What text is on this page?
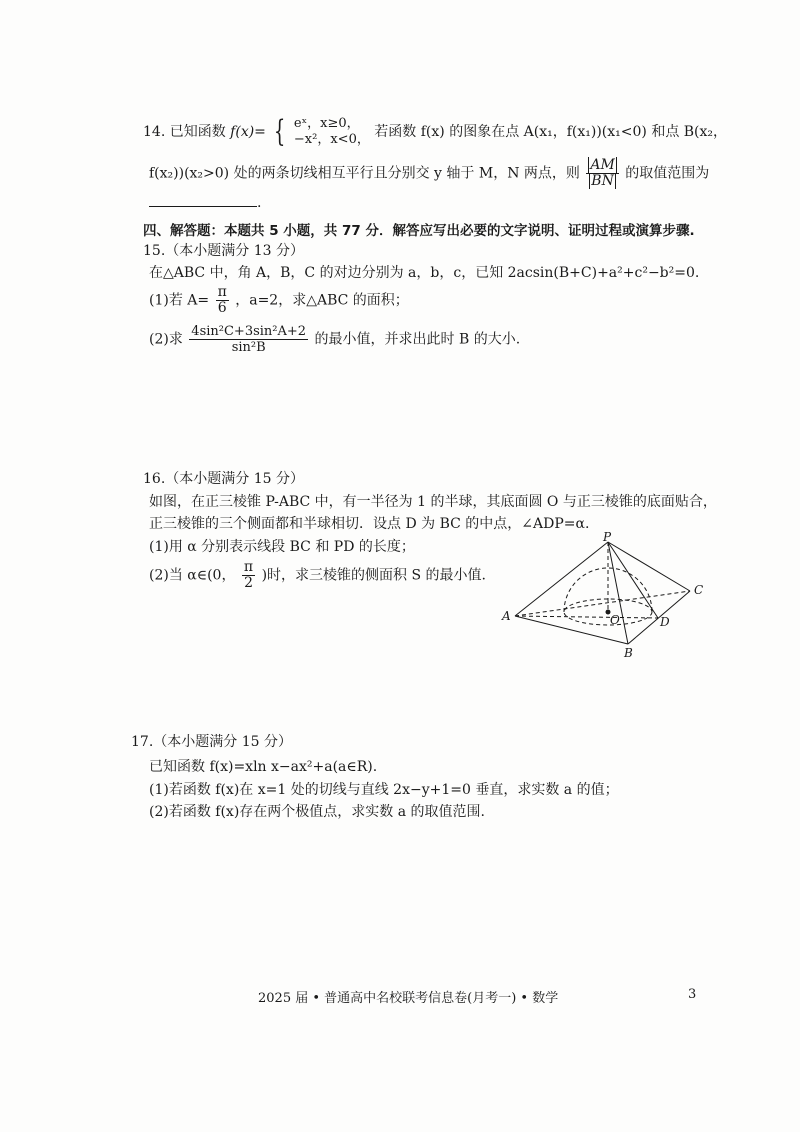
14. 已知函数 f(x)= { eˣ，x≥0，
−x²，x<0， 若函数 f(x) 的图象在点 A(x₁，f(x₁))(x₁<0) 和点 B(x₂，
f(x₂))(x₂>0) 处的两条切线相互平行且分别交 y 轴于 M，N 两点，则 $\frac{AM}{BN}$ 的取值范围为
.
四、解答题：本题共 5 小题，共 77 分．解答应写出必要的文字说明、证明过程或演算步骤.
15.（本小题满分 13 分）
在△ABC 中，角 A，B，C 的对边分别为 a，b，c，已知 2acsin(B+C)+a²+c²−b²=0.
(1)若 $A= \frac{\pi}{6}$ ，a=2，求△ABC 的面积；
(2)求 $\frac{\text{4sin²C+3sin²A+2}}{\text{sin²B}}$ 的最小值，并求出此时 B 的大小.
16.（本小题满分 15 分）
如图，在正三棱锥 P-ABC 中，有一半径为 1 的半球，其底面圆 O 与正三棱锥的底面贴合，
正三棱锥的三个侧面都和半球相切．设点 D 为 BC 的中点，∠ADP=α.
(1)用 α 分别表示线段 BC 和 PD 的长度；
(2)当 α∈(0， $\frac{\pi}{2}$ )时，求三棱锥的侧面积 S 的最小值.
P
A
B
C
D
O
17.（本小题满分 15 分）
已知函数 f(x)=xln x−ax²+a(a∈R).
(1)若函数 f(x)在 x=1 处的切线与直线 2x−y+1=0 垂直，求实数 a 的值；
(2)若函数 f(x)存在两个极值点，求实数 a 的取值范围.
2025 届 • 普通高中名校联考信息卷(月考一) • 数学	3
